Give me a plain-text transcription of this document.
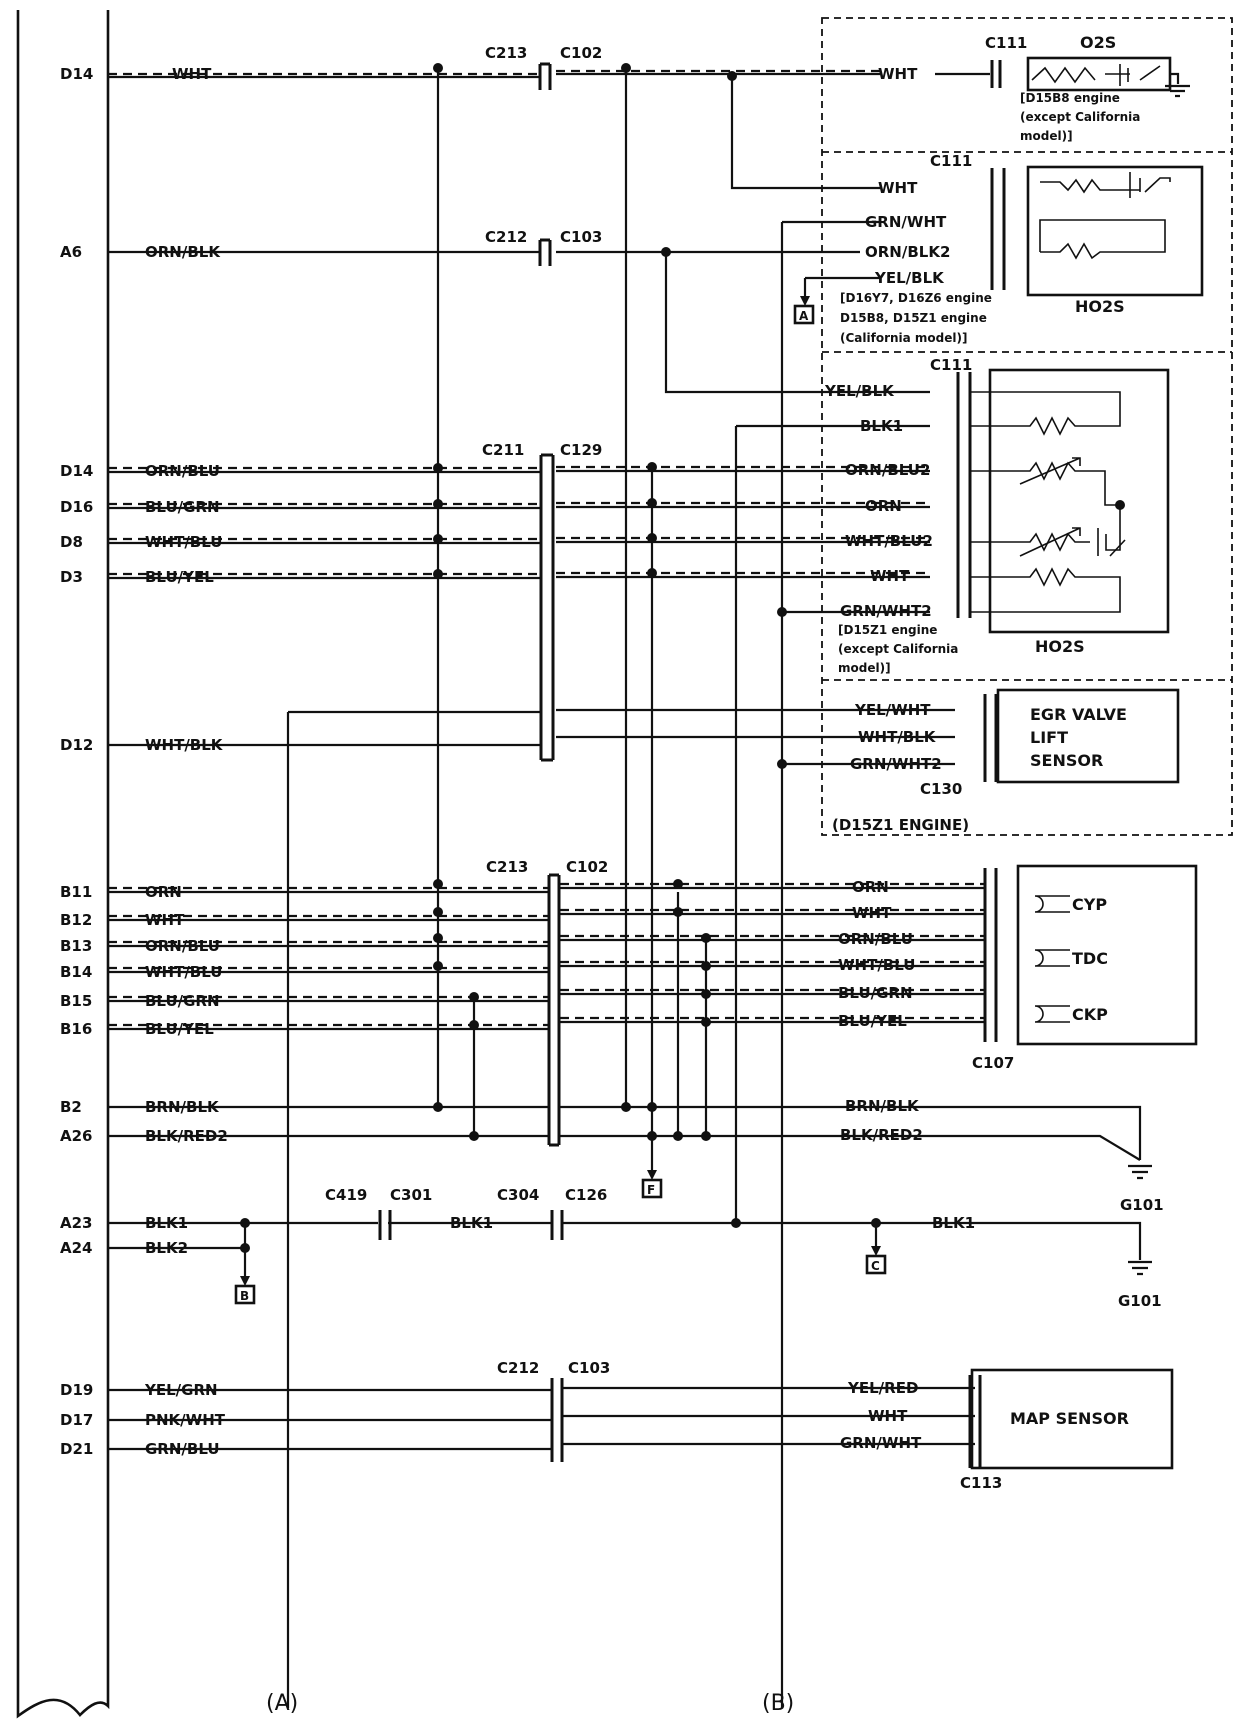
D14
A6
D14
D16
D8
D3
D12
B11
B12
B13
B14
B15
B16
B2
A26
A23
A24
D19
D17
D21
WHT
ORN/BLK
ORN/BLU
BLU/GRN
WHT/BLU
BLU/YEL
WHT/BLK
ORN
WHT
ORN/BLU
WHT/BLU
BLU/GRN
BLU/YEL
BRN/BLK
BLK/RED2
BLK1
BLK2
YEL/GRN
PNK/WHT
GRN/BLU
C213 C102
C212 C103
C211 C129
C213	C102
C419 C301	C304 C126
C212 C103
C111	O2S
[D15B8 engine
(except California
model)]
WHT
C111
WHT
GRN/WHT
ORN/BLK2
YEL/BLK
[D16Y7, D16Z6 engine
D15B8, D15Z1 engine
(California model)]
HO2S
C111
YEL/BLK
BLK1
ORN/BLU2
ORN
WHT/BLU2
WHT
GRN/WHT2
[D15Z1 engine
(except California
model)]
HO2S
YEL/WHT
WHT/BLK
GRN/WHT2
EGR VALVE
LIFT
SENSOR
C130
(D15Z1 ENGINE)
CYP
TDC
CKP
C107
ORN
WHT
ORN/BLU
WHT/BLU
BLU/GRN
BLU/YEL
BRN/BLK
BLK/RED2
G101
BLK1	BLK1
G101
MAP SENSOR
YEL/RED
WHT
GRN/WHT
C113
A
F
B
C
(A)	(B)
